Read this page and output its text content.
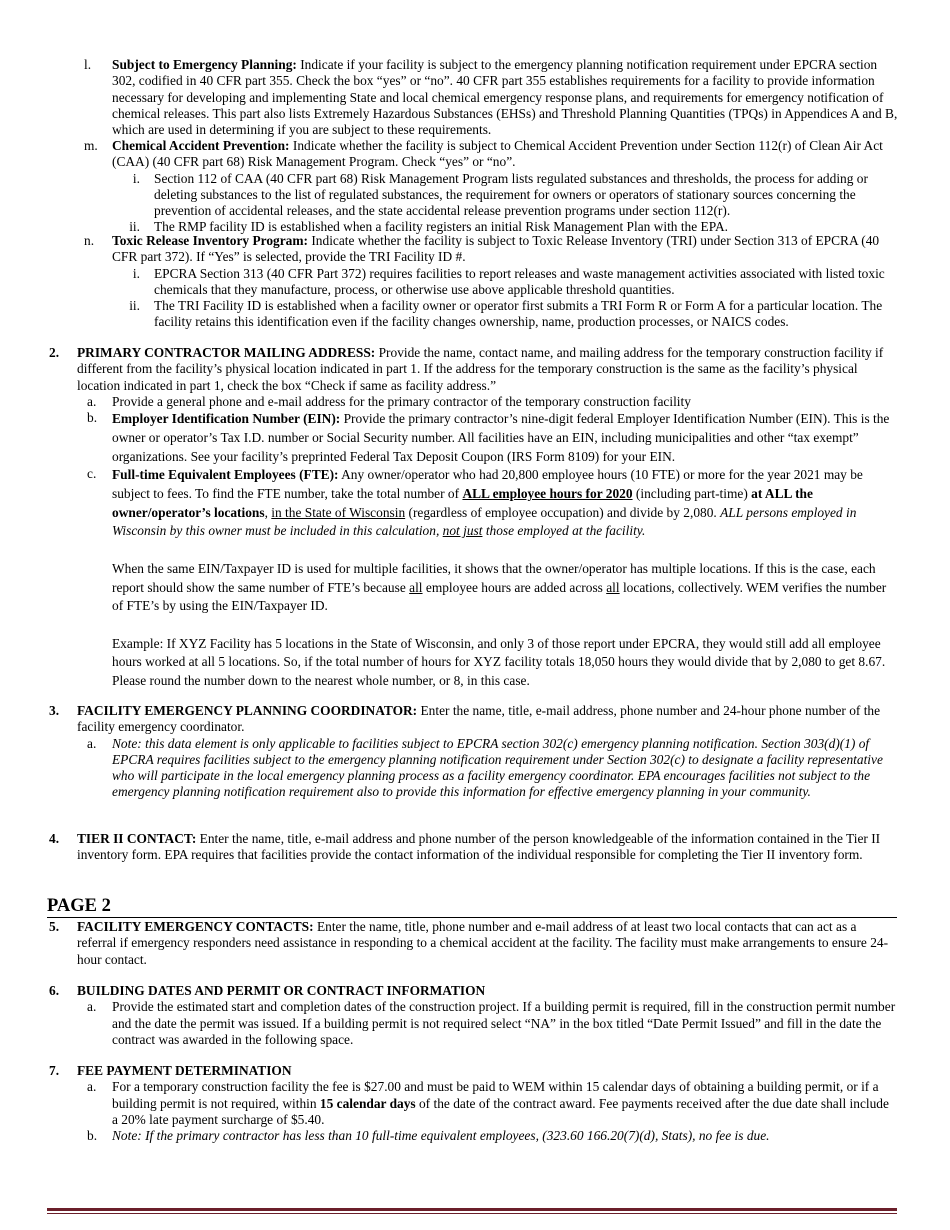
l.	Subject to Emergency Planning: Indicate if your facility is subject to the emergency planning notification requirement under EPCRA section 302, codified in 40 CFR part 355. Check the box “yes” or “no”. 40 CFR part 355 establishes requirements for a facility to provide information necessary for developing and implementing State and local chemical emergency response plans, and requirements for emergency notification of chemical releases. This part also lists Extremely Hazardous Substances (EHSs) and Threshold Planning Quantities (TPQs) in Appendices A and B, which are used in determining if you are subject to these requirements.

m.	Chemical Accident Prevention: Indicate whether the facility is subject to Chemical Accident Prevention under Section 112(r) of Clean Air Act (CAA) (40 CFR part 68) Risk Management Program. Check “yes” or “no”.

i.	Section 112 of CAA (40 CFR part 68) Risk Management Program lists regulated substances and thresholds, the process for adding or deleting substances to the list of regulated substances, the requirement for owners or operators of stationary sources concerning the prevention of accidental releases, and the state accidental release prevention programs under section 112(r).

ii.	The RMP facility ID is established when a facility registers an initial Risk Management Plan with the EPA.

n.	Toxic Release Inventory Program: Indicate whether the facility is subject to Toxic Release Inventory (TRI) under Section 313 of EPCRA (40 CFR part 372). If “Yes” is selected, provide the TRI Facility ID #.

i.	EPCRA Section 313 (40 CFR Part 372) requires facilities to report releases and waste management activities associated with listed toxic chemicals that they manufacture, process, or otherwise use above applicable threshold quantities.

ii.	The TRI Facility ID is established when a facility owner or operator first submits a TRI Form R or Form A for a particular location. The facility retains this identification even if the facility changes ownership, name, production processes, or NAICS codes.

2.	PRIMARY CONTRACTOR MAILING ADDRESS: Provide the name, contact name, and mailing address for the temporary construction facility if different from the facility’s physical location indicated in part 1. If the address for the temporary construction is the same as the facility’s physical location indicated in part 1, check the box “Check if same as facility address.”

a.	Provide a general phone and e-mail address for the primary contractor of the temporary construction facility

b.	Employer Identification Number (EIN): Provide the primary contractor’s nine-digit federal Employer Identification Number (EIN). This is the owner or operator’s Tax I.D. number or Social Security number. All facilities have an EIN, including municipalities and other “tax exempt” organizations. See your facility’s preprinted Federal Tax Deposit Coupon (IRS Form 8109) for your EIN.

c.	Full-time Equivalent Employees (FTE): Any owner/operator who had 20,800 employee hours (10 FTE) or more for the year 2021 may be subject to fees. To find the FTE number, take the total number of ALL employee hours for 2020 (including part-time) at ALL the owner/operator’s locations, in the State of Wisconsin (regardless of employee occupation) and divide by 2,080. ALL persons employed in Wisconsin by this owner must be included in this calculation, not just those employed at the facility.

When the same EIN/Taxpayer ID is used for multiple facilities, it shows that the owner/operator has multiple locations. If this is the case, each report should show the same number of FTE’s because all employee hours are added across all locations, collectively. WEM verifies the number of FTE’s by using the EIN/Taxpayer ID.

Example: If XYZ Facility has 5 locations in the State of Wisconsin, and only 3 of those report under EPCRA, they would still add all employee hours worked at all 5 locations. So, if the total number of hours for XYZ facility totals 18,050 hours they would divide that by 2,080 to get 8.67. Please round the number down to the nearest whole number, or 8, in this case.

3.	FACILITY EMERGENCY PLANNING COORDINATOR: Enter the name, title, e-mail address, phone number and 24-hour phone number of the facility emergency coordinator.

a.	Note: this data element is only applicable to facilities subject to EPCRA section 302(c) emergency planning notification. Section 303(d)(1) of EPCRA requires facilities subject to the emergency planning notification requirement under Section 302(c) to designate a facility representative who will participate in the local emergency planning process as a facility emergency coordinator. EPA encourages facilities not subject to the emergency planning notification requirement also to provide this information for effective emergency planning in your community.

4.	TIER II CONTACT: Enter the name, title, e-mail address and phone number of the person knowledgeable of the information contained in the Tier II inventory form. EPA requires that facilities provide the contact information of the individual responsible for completing the Tier II inventory form.

PAGE 2
5.	FACILITY EMERGENCY CONTACTS: Enter the name, title, phone number and e-mail address of at least two local contacts that can act as a referral if emergency responders need assistance in responding to a chemical accident at the facility. The facility must make arrangements to ensure 24-hour contact.

6.	BUILDING DATES AND PERMIT OR CONTRACT INFORMATION

a.	Provide the estimated start and completion dates of the construction project. If a building permit is required, fill in the construction permit number and the date the permit was issued. If a building permit is not required select “NA” in the box titled “Date Permit Issued” and fill in the date the contract was awarded in the following space.

7.	FEE PAYMENT DETERMINATION

a.	For a temporary construction facility the fee is $27.00 and must be paid to WEM within 15 calendar days of obtaining a building permit, or if a building permit is not required, within 15 calendar days of the date of the contract award. Fee payments received after the due date shall include a 20% late payment surcharge of $5.40.

b.	Note: If the primary contractor has less than 10 full-time equivalent employees, (323.60 166.20(7)(d), Stats), no fee is due.
